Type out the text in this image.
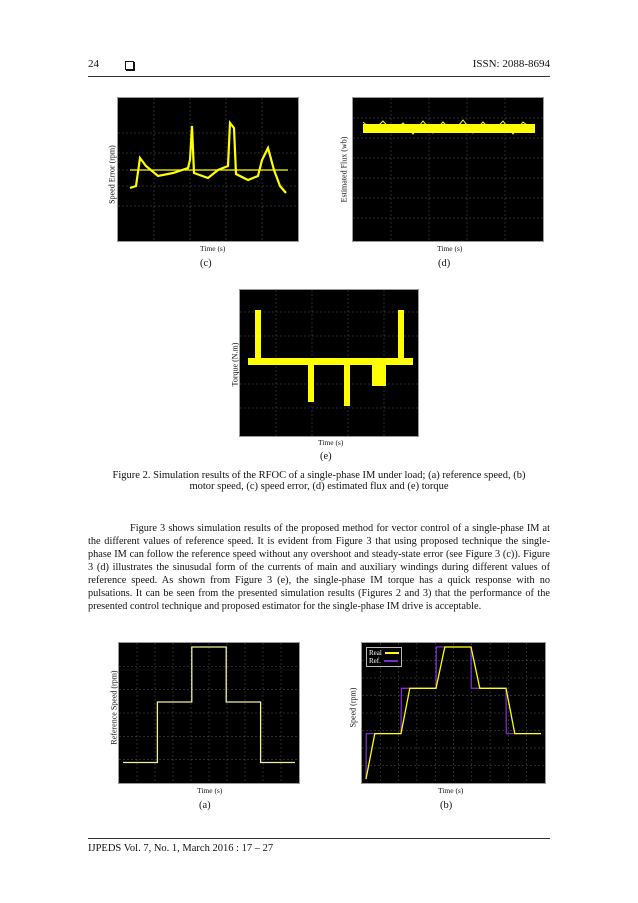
24	ISSN: 2088-8694
Speed Error (rpm)
Time (s)
(c)
Estimated Flux (wb)
Time (s)
(d)
Torque (N.m)
Time (s)
(e)
Figure 2. Simulation results of the RFOC of a single-phase IM under load; (a) reference speed, (b) motor speed, (c) speed error, (d) estimated flux and (e) torque

Figure 3 shows simulation results of the proposed method for vector control of a single-phase IM at the different values of reference speed. It is evident from Figure 3 that using proposed technique the single-phase IM can follow the reference speed without any overshoot and steady-state error (see Figure 3 (c)). Figure 3 (d) illustrates the sinusudal form of the currents of main and auxiliary windings during different values of reference speed. As shown from Figure 3 (e), the single-phase IM torque has a quick response with no pulsations. It can be seen from the presented simulation results (Figures 2 and 3) that the performance of the presented control technique and proposed estimator for the single-phase IM drive is acceptable.

Reference Speed (rpm)
Time (s)
(a)
Speed (rpm)
Real
Ref.
Time (s)
(b)
IJPEDS Vol. 7, No. 1, March 2016 : 17 – 27
